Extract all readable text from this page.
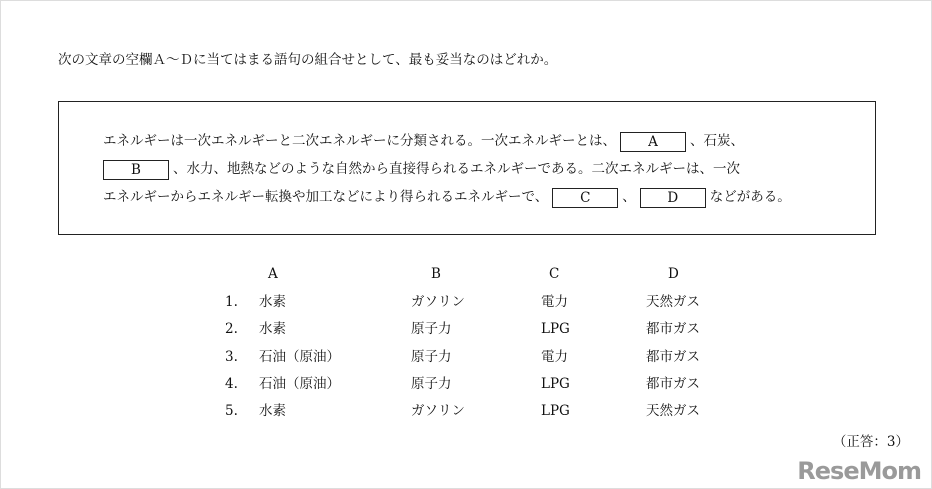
次の文章の空欄Ａ～Ｄに当てはまる語句の組合せとして、最も妥当なのはどれか。
エネルギーは一次エネルギーと二次エネルギーに分類される。一次エネルギーとは、 A 、石炭、
B 、水力、地熱などのような自然から直接得られるエネルギーである。二次エネルギーは、一次
エネルギーからエネルギー転換や加工などにより得られるエネルギーで、 C 、 D などがある。
A	B	C	D
1. 水素	ガソリン	電力	天然ガス
2. 水素	原子力	LPG	都市ガス
3. 石油（原油）	原子力	電力	都市ガス
4. 石油（原油）	原子力	LPG	都市ガス
5. 水素	ガソリン	LPG	天然ガス
（正答：3）
ReseMom
